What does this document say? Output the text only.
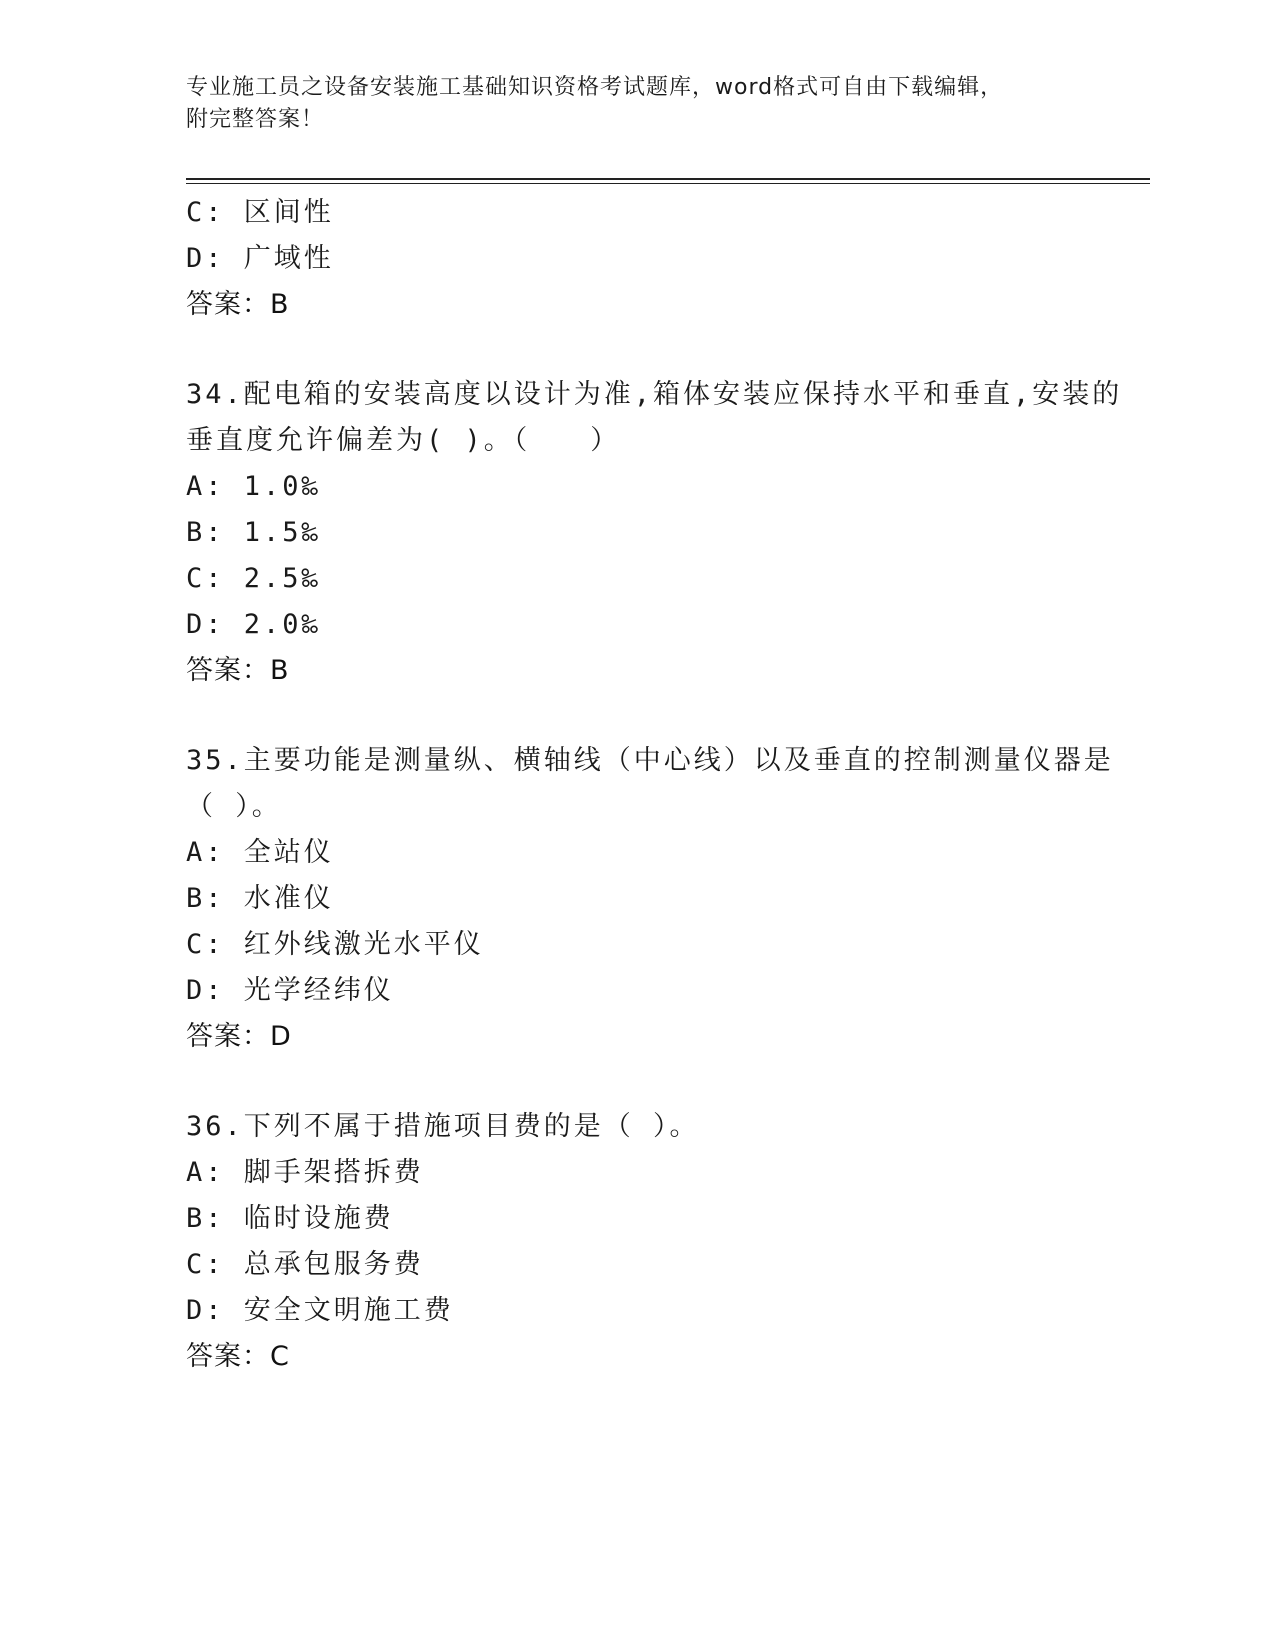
专业施工员之设备安装施工基础知识资格考试题库，word格式可自由下载编辑，
附完整答案！
C: 区间性
D: 广域性
答案：B
34.配电箱的安装高度以设计为准,箱体安装应保持水平和垂直,安装的
垂直度允许偏差为( )。（　　）
A: 1.0‰
B: 1.5‰
C: 2.5‰
D: 2.0‰
答案：B
35.主要功能是测量纵、横轴线（中心线）以及垂直的控制测量仪器是
（ ）。
A: 全站仪
B: 水准仪
C: 红外线激光水平仪
D: 光学经纬仪
答案：D
36.下列不属于措施项目费的是（ ）。
A: 脚手架搭拆费
B: 临时设施费
C: 总承包服务费
D: 安全文明施工费
答案：C
